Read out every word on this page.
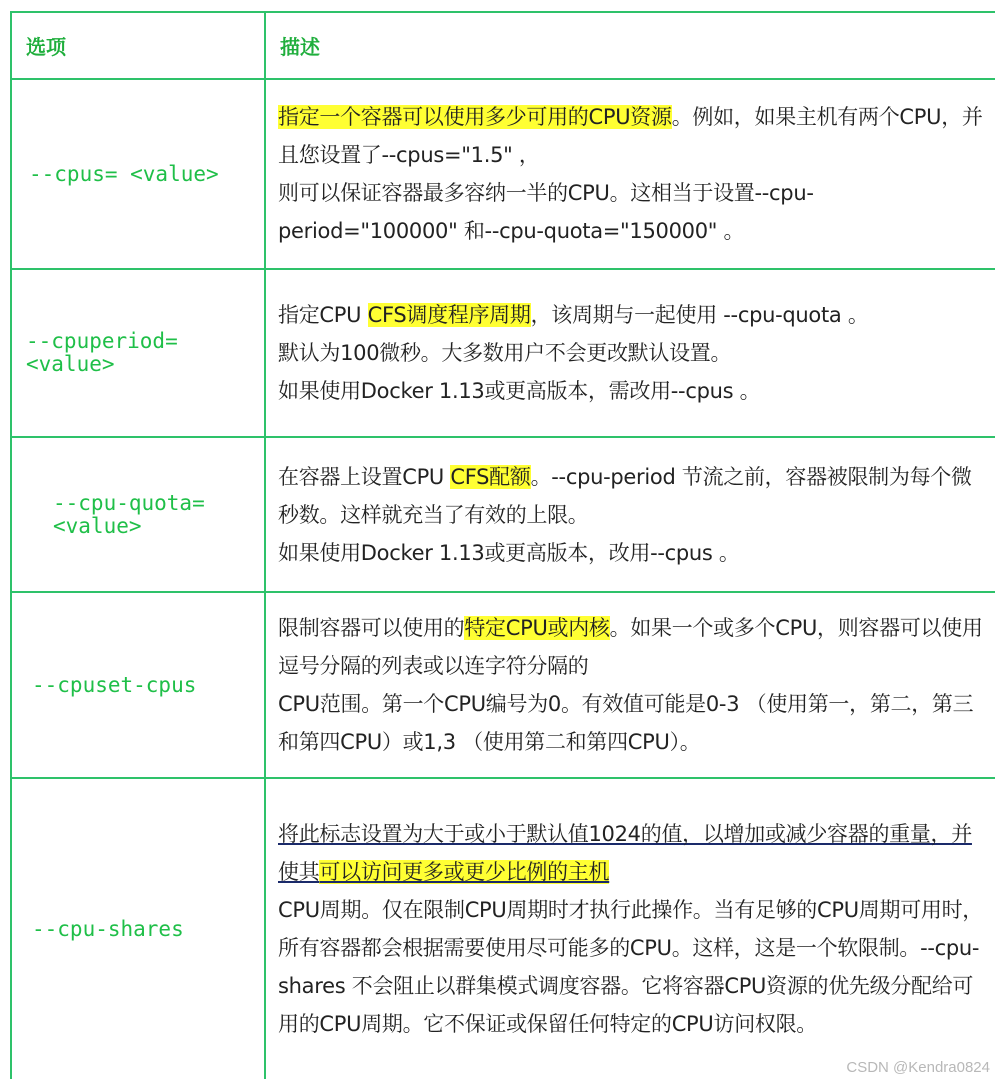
选项	描述
--cpus= <value>
指定一个容器可以使用多少可用的CPU资源。例如，如果主机有两个CPU，并且您设置了--cpus="1.5" ，
则可以保证容器最多容纳一半的CPU。这相当于设置--cpu-period="100000" 和--cpu-quota="150000" 。
--cpuperiod= <value>
指定CPU CFS调度程序周期，该周期与一起使用 --cpu-quota 。
默认为100微秒。大多数用户不会更改默认设置。
如果使用Docker 1.13或更高版本，需改用--cpus 。
--cpu-quota= <value>
在容器上设置CPU CFS配额。--cpu-period 节流之前，容器被限制为每个微秒数。这样就充当了有效的上限。
如果使用Docker 1.13或更高版本，改用--cpus 。
--cpuset-cpus
限制容器可以使用的特定CPU或内核。如果一个或多个CPU，则容器可以使用逗号分隔的列表或以连字符分隔的
CPU范围。第一个CPU编号为0。有效值可能是0-3 （使用第一，第二，第三和第四CPU）或1,3 （使用第二和第四CPU）。
--cpu-shares
将此标志设置为大于或小于默认值1024的值，以增加或减少容器的重量，并使其可以访问更多或更少比例的主机
CPU周期。仅在限制CPU周期时才执行此操作。当有足够的CPU周期可用时，所有容器都会根据需要使用尽可能多的CPU。这样，这是一个软限制。--cpu-shares 不会阻止以群集模式调度容器。它将容器CPU资源的优先级分配给可用的CPU周期。它不保证或保留任何特定的CPU访问权限。
CSDN @Kendra0824
